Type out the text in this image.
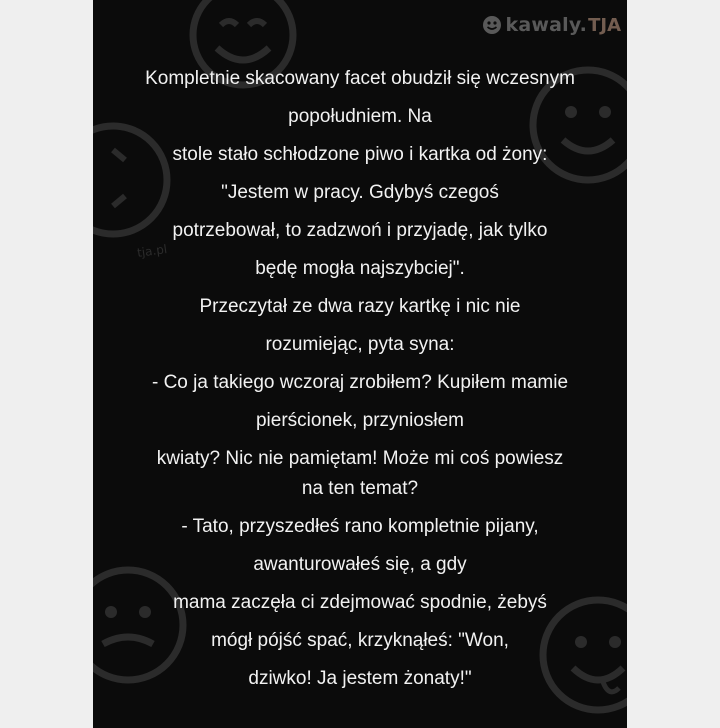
kawaly. TJA
tja.pl
Kompletnie skacowany facet obudził się wczesnym
popołudniem. Na
stole stało schłodzone piwo i kartka od żony:
"Jestem w pracy. Gdybyś czegoś
potrzebował, to zadzwoń i przyjadę, jak tylko
będę mogła najszybciej".
Przeczytał ze dwa razy kartkę i nic nie
rozumiejąc, pyta syna:
- Co ja takiego wczoraj zrobiłem? Kupiłem mamie
pierścionek, przyniosłem
kwiaty? Nic nie pamiętam! Może mi coś powiesz
na ten temat?
- Tato, przyszedłeś rano kompletnie pijany,
awanturowałeś się, a gdy
mama zaczęła ci zdejmować spodnie, żebyś
mógł pójść spać, krzyknąłeś: "Won,
dziwko! Ja jestem żonaty!"
